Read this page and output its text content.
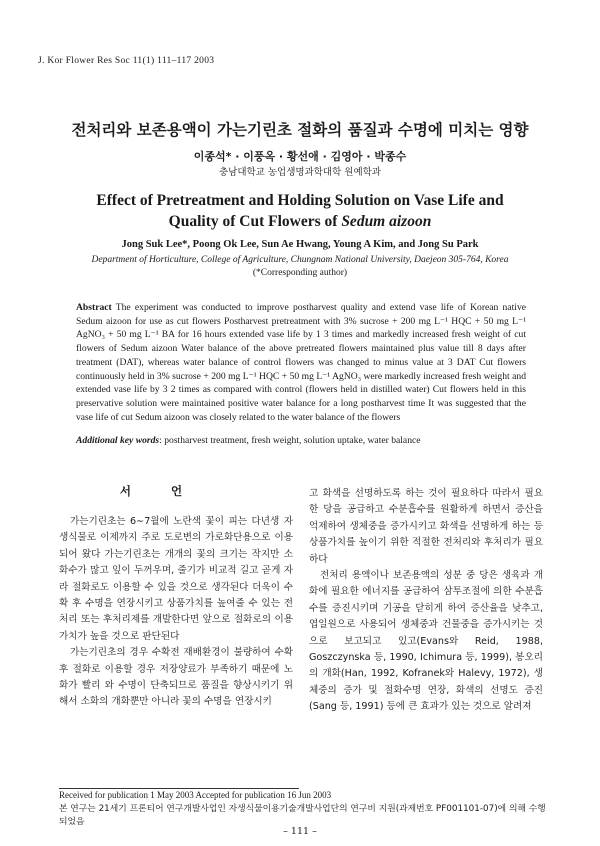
J. Kor Flower Res Soc 11(1) 111–117 2003
전처리와 보존용액이 가는기린초 절화의 품질과 수명에 미치는 영향
이종석* · 이풍옥 · 황선애 · 김영아 · 박종수
충남대학교 농업생명과학대학 원예학과
Effect of Pretreatment and Holding Solution on Vase Life and
Quality of Cut Flowers of Sedum aizoon
Jong Suk Lee*, Poong Ok Lee, Sun Ae Hwang, Young A Kim, and Jong Su Park
Department of Horticulture, College of Agriculture, Chungnam National University, Daejeon 305-764, Korea
(*Corresponding author)
Abstract The experiment was conducted to improve postharvest quality and extend vase life of Korean native Sedum aizoon for use as cut flowers Postharvest pretreatment with 3% sucrose + 200 mg L⁻¹ HQC + 50 mg L⁻¹ AgNO₃ + 50 mg L⁻¹ BA for 16 hours extended vase life by 1 3 times and markedly increased fresh weight of cut flowers of Sedum aizoon Water balance of the above pretreated flowers maintained plus value till 8 days after treatment (DAT), whereas water balance of control flowers was changed to minus value at 3 DAT Cut flowers continuously held in 3% sucrose + 200 mg L⁻¹ HQC + 50 mg L⁻¹ AgNO₃ were markedly increased fresh weight and extended vase life by 3 2 times as compared with control (flowers held in distilled water) Cut flowers held in this preservative solution were maintained positive water balance for a long postharvest time It was suggested that the vase life of cut Sedum aizoon was closely related to the water balance of the flowers
Additional key words: postharvest treatment, fresh weight, solution uptake, water balance
서 언

가는기린초는 6∼7월에 노란색 꽃이 피는 다년생 자생식물로 이제까지 주로 도로변의 가로화단용으로 이용되어 왔다 가는기린초는 개개의 꽃의 크기는 작지만 소화수가 많고 잎이 두꺼우며, 줄기가 비교적 길고 곧게 자라 절화로도 이용할 수 있을 것으로 생각된다 더욱이 수확 후 수명을 연장시키고 상품가치를 높여줄 수 있는 전처리 또는 후처리제를 개발한다면 앞으로 절화로의 이용가치가 높을 것으로 판단된다

가는기린초의 경우 수확전 재배환경이 불량하여 수확후 절화로 이용할 경우 저장양료가 부족하기 때문에 노화가 빨리 와 수명이 단축되므로 품질을 향상시키기 위해서 소화의 개화뿐만 아니라 꽃의 수명을 연장시키

고 화색을 선명하도록 하는 것이 필요하다 따라서 필요한 당을 공급하고 수분흡수를 원활하게 하면서 증산을 억제하여 생체중을 증가시키고 화색을 선명하게 하는 등 상품가치를 높이기 위한 적절한 전처리와 후처리가 필요하다

전처리 용액이나 보존용액의 성분 중 당은 생육과 개화에 필요한 에너지를 공급하여 삼투조절에 의한 수분흡수를 증진시키며 기공을 닫히게 하여 증산율을 낮추고, 엽일원으로 사용되어 생체중과 건물중을 증가시키는 것으로 보고되고 있고(Evans와 Reid, 1988, Goszczynska 등, 1990, Ichimura 등, 1999), 봉오리의 개화(Han, 1992, Kofranek와 Halevy, 1972), 생체중의 증가 및 절화수명 연장, 화색의 선명도 증진(Sang 등, 1991) 등에 큰 효과가 있는 것으로 알려져

Received for publication 1 May 2003 Accepted for publication 16 Jun 2003
본 연구는 21세기 프론티어 연구개발사업인 자생식물이용기술개발사업단의 연구비 지원(과제번호 PF001101-07)에 의해 수행되었음
– 111 –
